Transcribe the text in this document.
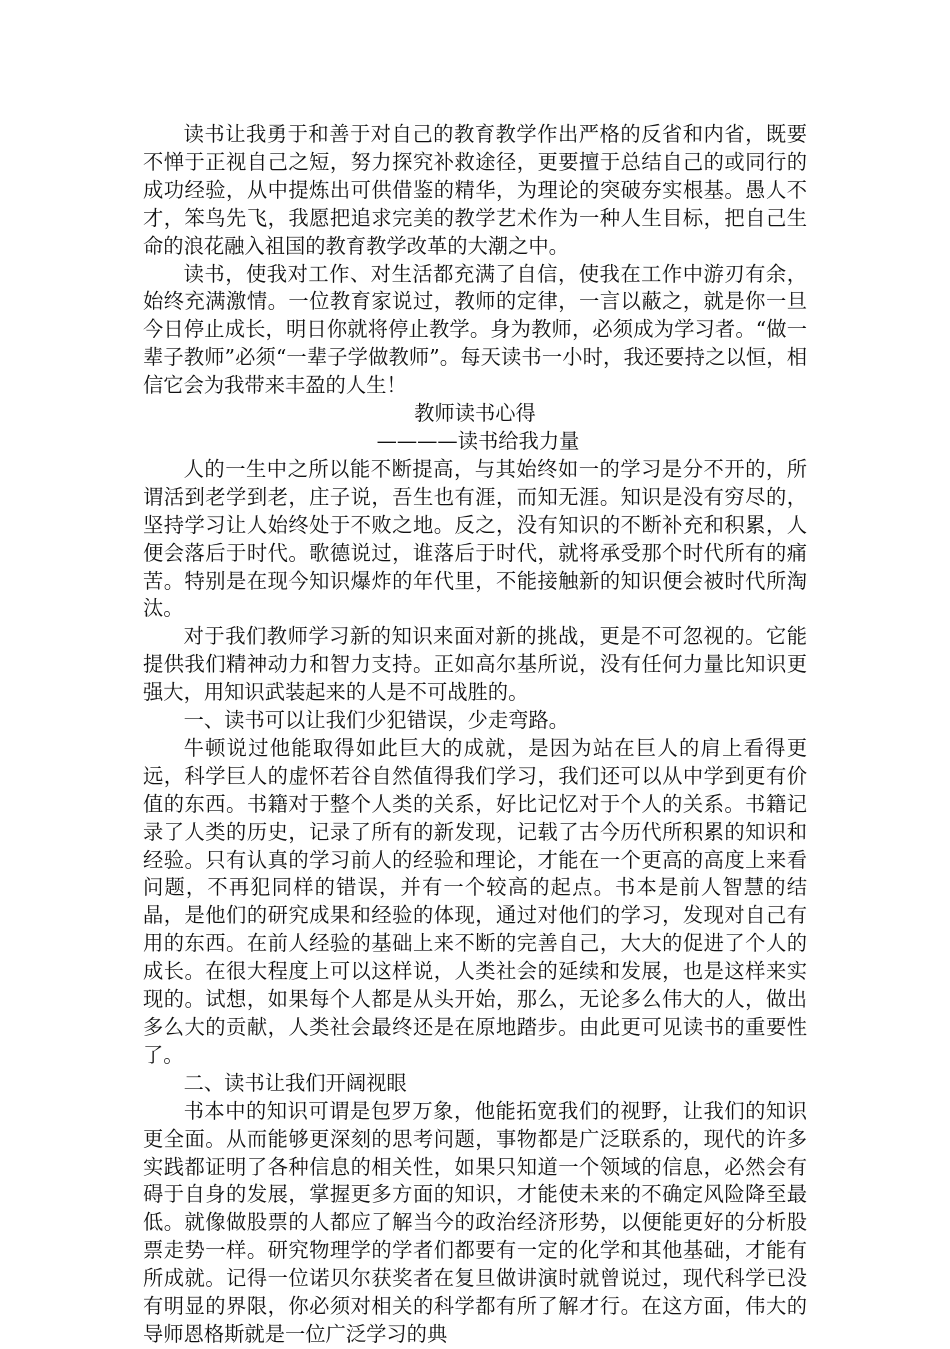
读书让我勇于和善于对自己的教育教学作出严格的反省和内省，既要不惮于正视自己之短，努力探究补救途径，更要擅于总结自己的或同行的成功经验，从中提炼出可供借鉴的精华，为理论的突破夯实根基。愚人不才，笨鸟先飞，我愿把追求完美的教学艺术作为一种人生目标，把自己生命的浪花融入祖国的教育教学改革的大潮之中。

读书，使我对工作、对生活都充满了自信，使我在工作中游刃有余，始终充满激情。一位教育家说过，教师的定律，一言以蔽之，就是你一旦今日停止成长，明日你就将停止教学。身为教师，必须成为学习者。“做一辈子教师”必须“一辈子学做教师”。每天读书一小时，我还要持之以恒，相信它会为我带来丰盈的人生！

教师读书心得

————读书给我力量

人的一生中之所以能不断提高，与其始终如一的学习是分不开的，所谓活到老学到老，庄子说，吾生也有涯，而知无涯。知识是没有穷尽的，坚持学习让人始终处于不败之地。反之，没有知识的不断补充和积累，人便会落后于时代。歌德说过，谁落后于时代，就将承受那个时代所有的痛苦。特别是在现今知识爆炸的年代里，不能接触新的知识便会被时代所淘汰。

对于我们教师学习新的知识来面对新的挑战，更是不可忽视的。它能提供我们精神动力和智力支持。正如高尔基所说，没有任何力量比知识更强大，用知识武装起来的人是不可战胜的。

一、读书可以让我们少犯错误，少走弯路。

牛顿说过他能取得如此巨大的成就，是因为站在巨人的肩上看得更远，科学巨人的虚怀若谷自然值得我们学习，我们还可以从中学到更有价值的东西。书籍对于整个人类的关系，好比记忆对于个人的关系。书籍记录了人类的历史，记录了所有的新发现，记载了古今历代所积累的知识和经验。只有认真的学习前人的经验和理论，才能在一个更高的高度上来看问题，不再犯同样的错误，并有一个较高的起点。书本是前人智慧的结晶，是他们的研究成果和经验的体现，通过对他们的学习，发现对自己有用的东西。在前人经验的基础上来不断的完善自己，大大的促进了个人的成长。在很大程度上可以这样说，人类社会的延续和发展，也是这样来实现的。试想，如果每个人都是从头开始，那么，无论多么伟大的人，做出多么大的贡献，人类社会最终还是在原地踏步。由此更可见读书的重要性了。

二、读书让我们开阔视眼

书本中的知识可谓是包罗万象，他能拓宽我们的视野，让我们的知识更全面。从而能够更深刻的思考问题，事物都是广泛联系的，现代的许多实践都证明了各种信息的相关性，如果只知道一个领域的信息，必然会有碍于自身的发展，掌握更多方面的知识，才能使未来的不确定风险降至最低。就像做股票的人都应了解当今的政治经济形势，以便能更好的分析股票走势一样。研究物理学的学者们都要有一定的化学和其他基础，才能有所成就。记得一位诺贝尔获奖者在复旦做讲演时就曾说过，现代科学已没有明显的界限，你必须对相关的科学都有所了解才行。在这方面，伟大的导师恩格斯就是一位广泛学习的典
